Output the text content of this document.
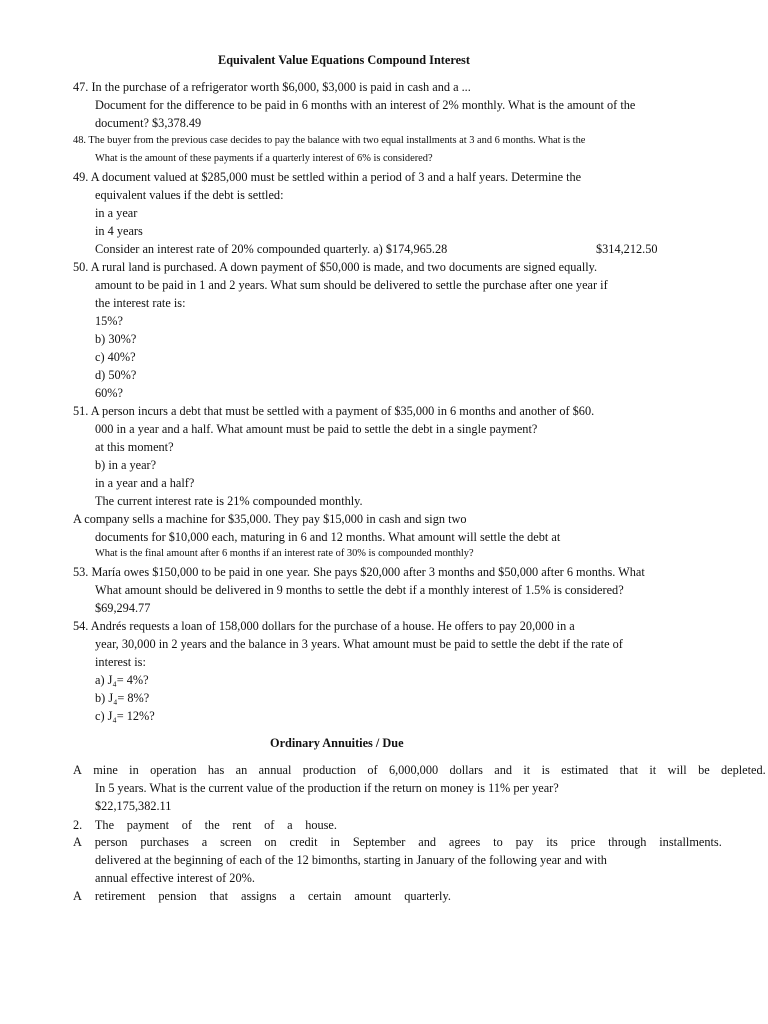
Equivalent Value Equations Compound Interest
47. In the purchase of a refrigerator worth $6,000, $3,000 is paid in cash and a ...
Document for the difference to be paid in 6 months with an interest of 2% monthly. What is the amount of the
document? $3,378.49
48. The buyer from the previous case decides to pay the balance with two equal installments at 3 and 6 months. What is the
What is the amount of these payments if a quarterly interest of 6% is considered?
49. A document valued at $285,000 must be settled within a period of 3 and a half years. Determine the
equivalent values if the debt is settled:
in a year
in 4 years
Consider an interest rate of 20% compounded quarterly. a) $174,965.28	$314,212.50
50. A rural land is purchased. A down payment of $50,000 is made, and two documents are signed equally.
amount to be paid in 1 and 2 years. What sum should be delivered to settle the purchase after one year if
the interest rate is:
15%?
b) 30%?
c) 40%?
d) 50%?
60%?
51. A person incurs a debt that must be settled with a payment of $35,000 in 6 months and another of $60.
000 in a year and a half. What amount must be paid to settle the debt in a single payment?
at this moment?
b) in a year?
in a year and a half?
The current interest rate is 21% compounded monthly.
A company sells a machine for $35,000. They pay $15,000 in cash and sign two
documents for $10,000 each, maturing in 6 and 12 months. What amount will settle the debt at
What is the final amount after 6 months if an interest rate of 30% is compounded monthly?
53. María owes $150,000 to be paid in one year. She pays $20,000 after 3 months and $50,000 after 6 months. What
What amount should be delivered in 9 months to settle the debt if a monthly interest of 1.5% is considered?
$69,294.77
54. Andrés requests a loan of 158,000 dollars for the purchase of a house. He offers to pay 20,000 in a
year, 30,000 in 2 years and the balance in 3 years. What amount must be paid to settle the debt if the rate of
interest is:
a) J₄= 4%?
b) J₄= 8%?
c) J₄= 12%?
Ordinary Annuities / Due
A mine in operation has an annual production of 6,000,000 dollars and it is estimated that it will be depleted.
In 5 years. What is the current value of the production if the return on money is 11% per year?
$22,175,382.11
2. The payment of the rent of a house.
A person purchases a screen on credit in September and agrees to pay its price through installments.
delivered at the beginning of each of the 12 bimonths, starting in January of the following year and with
annual effective interest of 20%.
A retirement pension that assigns a certain amount quarterly.
